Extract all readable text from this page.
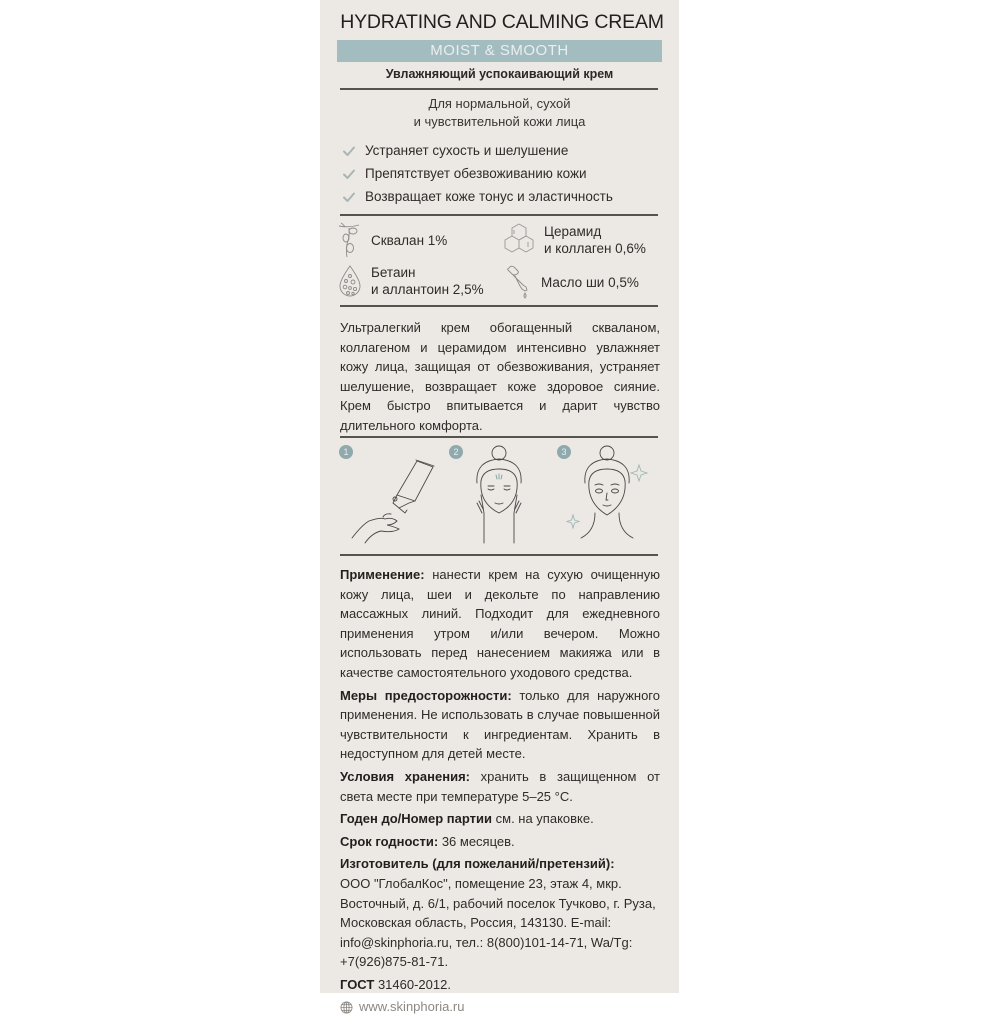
HYDRATING AND CALMING CREAM
MOIST & SMOOTH
Увлажняющий успокаивающий крем
Для нормальной, сухой
и чувствительной кожи лица
Устраняет сухость и шелушение
Препятствует обезвоживанию кожи
Возвращает коже тонус и эластичность
Сквалан 1%
Церамид
и коллаген 0,6%
Бетаин
и аллантоин 2,5%	Масло ши 0,5%
Ультралегкий крем обогащенный скваланом, коллагеном и церамидом интенсивно увлажняет кожу лица, защищая от обезвоживания, устраняет шелушение, возвращает коже здоровое сияние. Крем быстро впитывается и дарит чувство длительного комфорта.
1	2	3

Применение: нанести крем на сухую очищенную кожу лица, шеи и декольте по направлению массажных линий. Подходит для ежедневного применения утром и/или вечером. Можно использовать перед нанесением макияжа или в качестве самостоятельного уходового средства.

Меры предосторожности: только для наружного применения. Не использовать в случае повышенной чувствительности к ингредиентам. Хранить в недоступном для детей месте.

Условия хранения: хранить в защищенном от света месте при температуре 5–25 °С.

Годен до/Номер партии см. на упаковке.

Срок годности: 36 месяцев.

Изготовитель (для пожеланий/претензий):
ООО "ГлобалКос", помещение 23, этаж 4, мкр. Восточный, д. 6/1, рабочий поселок Тучково, г. Руза, Московская область, Россия, 143130. E-mail: info@skinphoria.ru, тел.: 8(800)101-14-71, Wa/Tg: +7(926)875-81-71.

ГОСТ 31460-2012.

www.skinphoria.ru
